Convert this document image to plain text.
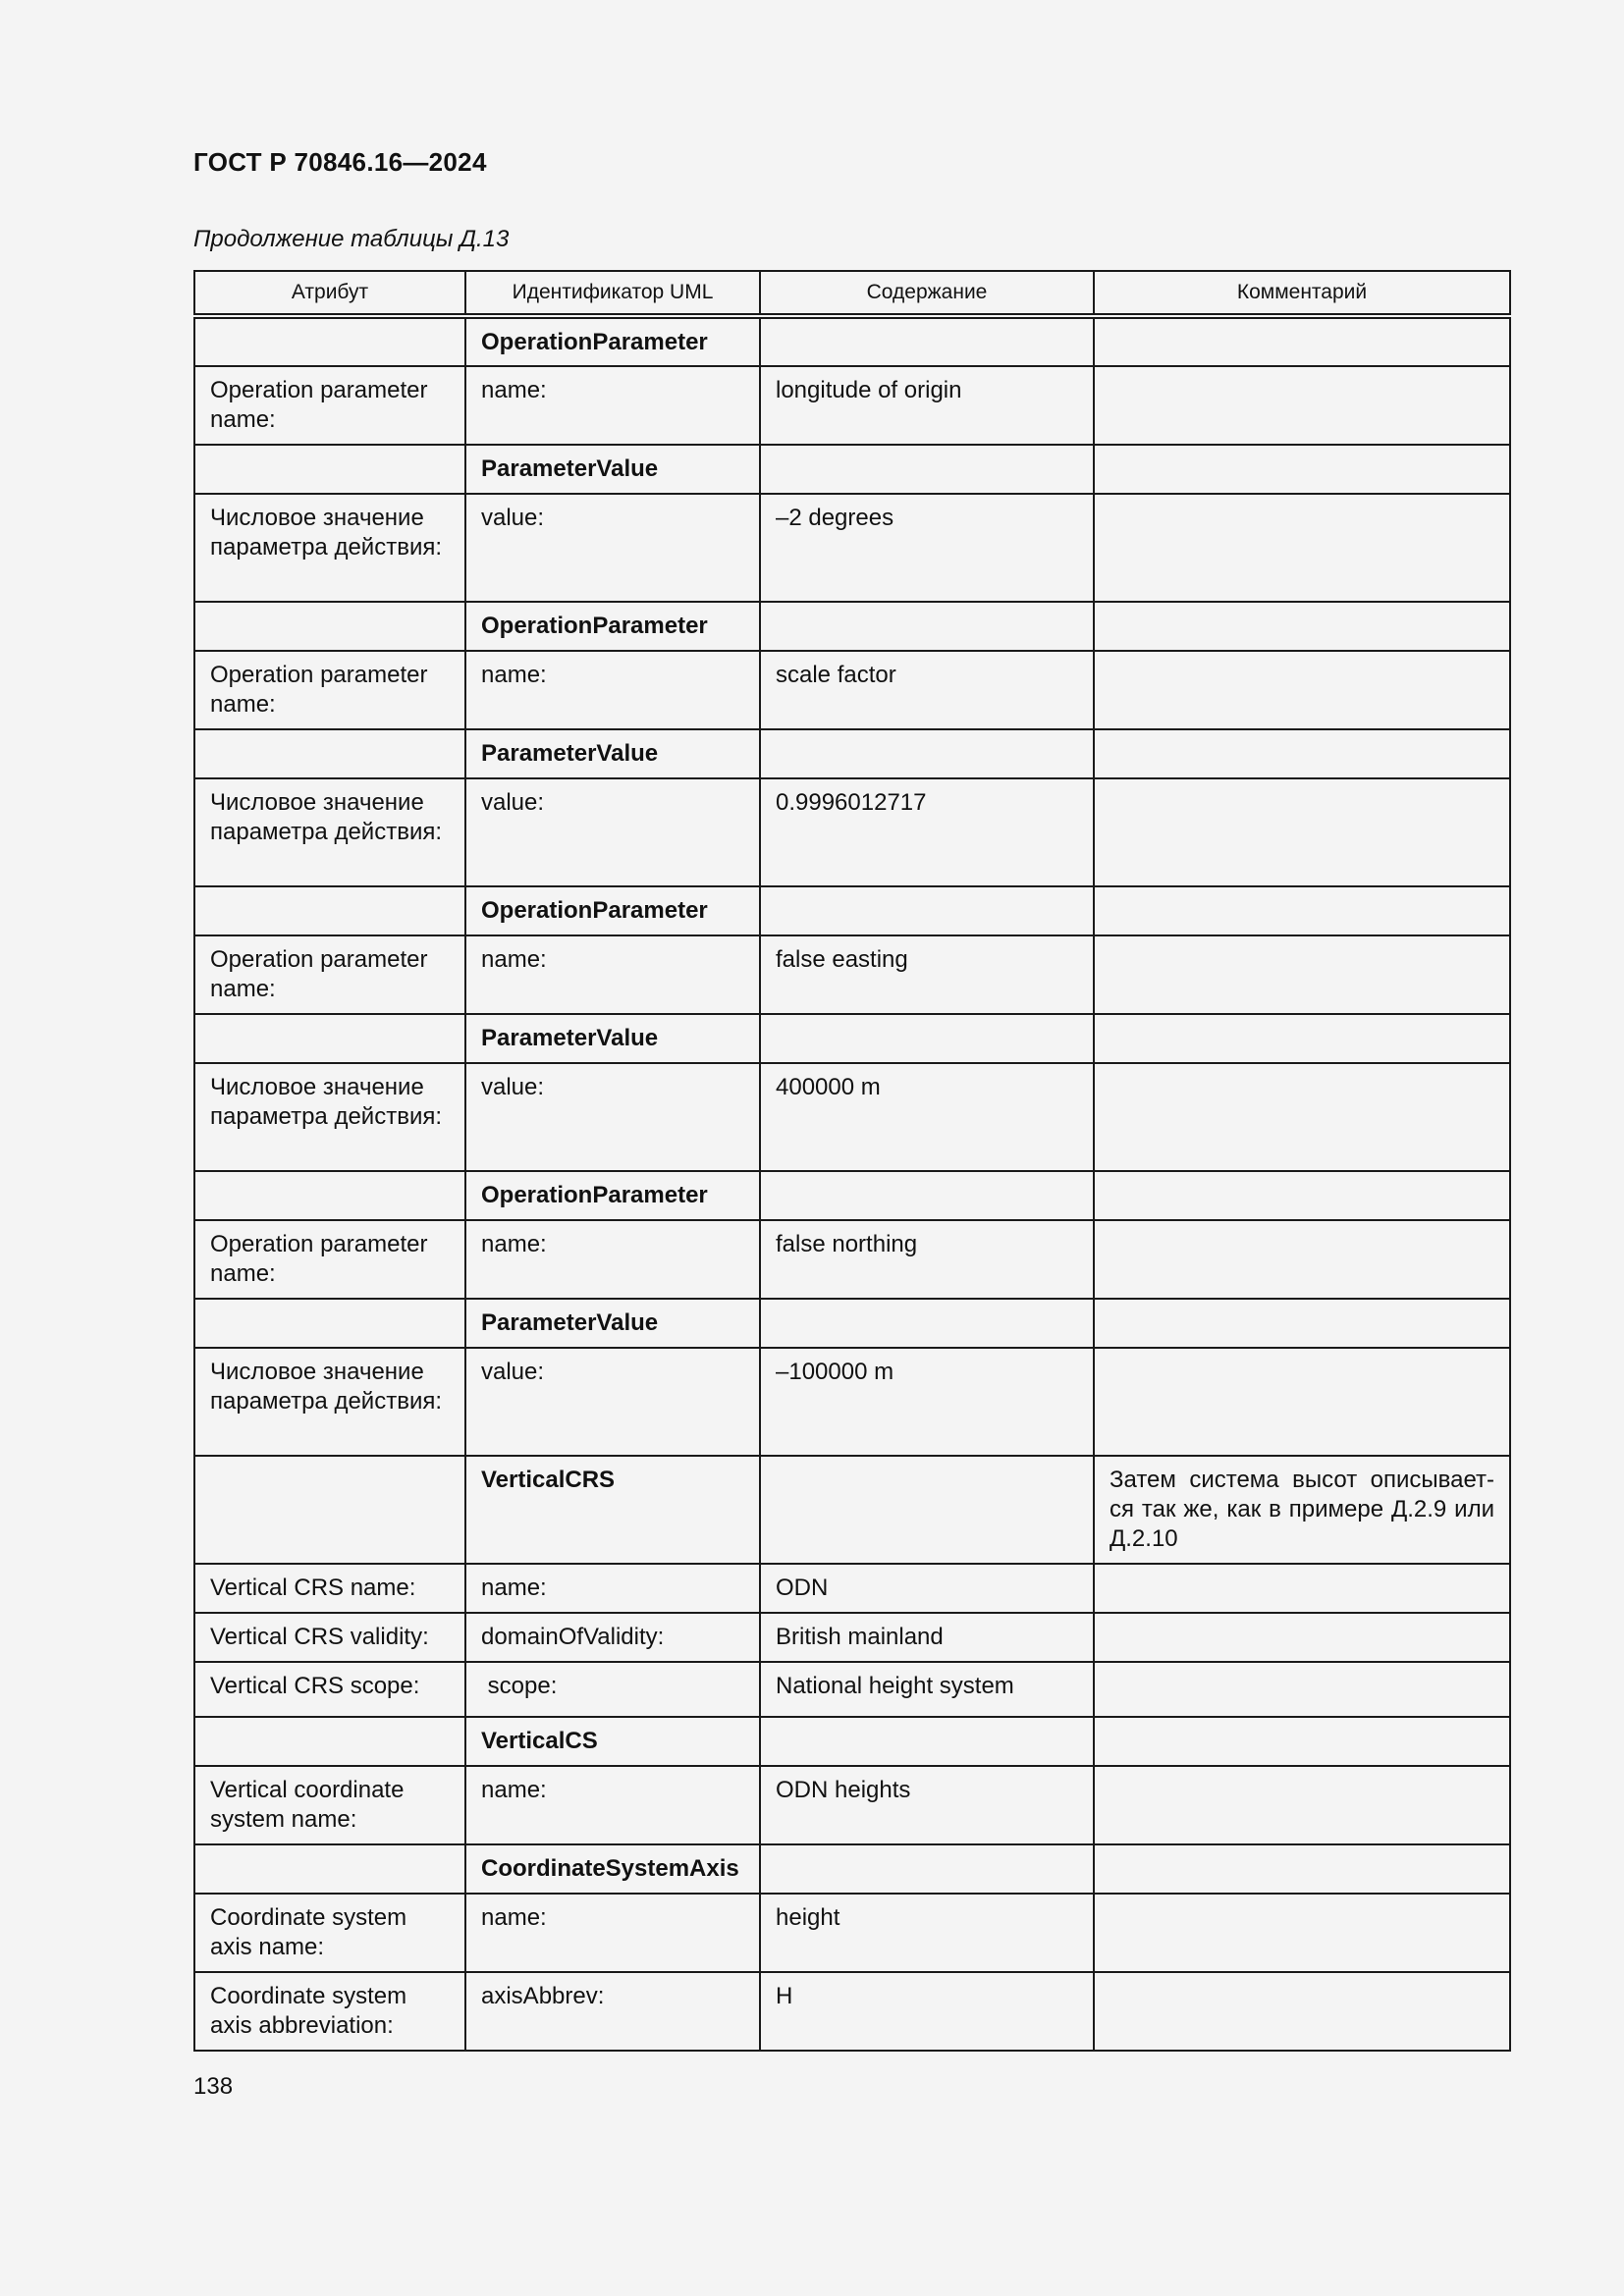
ГОСТ Р 70846.16—2024
Продолжение таблицы Д.13
Атрибут	Идентификатор UML	Содержание	Комментарий
	OperationParameter		
Operation parameter name:	name:	longitude of origin	
	ParameterValue		
Числовое значение параметра действия:	value:	–2 degrees	
	OperationParameter		
Operation parameter name:	name:	scale factor	
	ParameterValue		
Числовое значение параметра действия:	value:	0.9996012717	
	OperationParameter		
Operation parameter name:	name:	false easting	
	ParameterValue		
Числовое значение параметра действия:	value:	400000 m	
	OperationParameter		
Operation parameter name:	name:	false northing	
	ParameterValue		
Числовое значение параметра действия:	value:	–100000 m	
	VerticalCRS		Затем система высот описывает-ся так же, как в примере Д.2.9 или Д.2.10
Vertical CRS name:	name:	ODN	
Vertical CRS validity:	domainOfValidity:	British mainland	
Vertical CRS scope:	scope:	National height system	
	VerticalCS		
Vertical coordinate system name:	name:	ODN heights	
	CoordinateSystemAxis		
Coordinate system axis name:	name:	height	
Coordinate system axis abbreviation:	axisAbbrev:	H	
138
